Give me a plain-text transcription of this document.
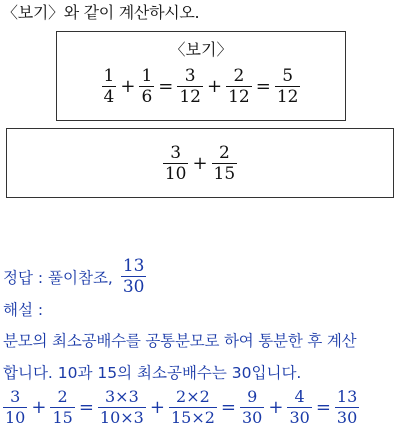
〈보기〉와 같이 계산하시오.
〈보기〉
$\frac{1}{4} + \frac{1}{6} = \frac{3}{12} + \frac{2}{12} = \frac{5}{12}$
$\frac{3}{10} + \frac{2}{15}$
정답 : 풀이참조, $\frac{13}{30}$
해설 :
분모의 최소공배수를 공통분모로 하여 통분한 후 계산
합니다. 10과 15의 최소공배수는 30입니다.
$\frac{3}{10} + \frac{2}{15} = \frac{3\times 3}{10\times 3} + \frac{2\times 2}{15\times 2} = \frac{9}{30} + \frac{4}{30} = \frac{13}{30}$
